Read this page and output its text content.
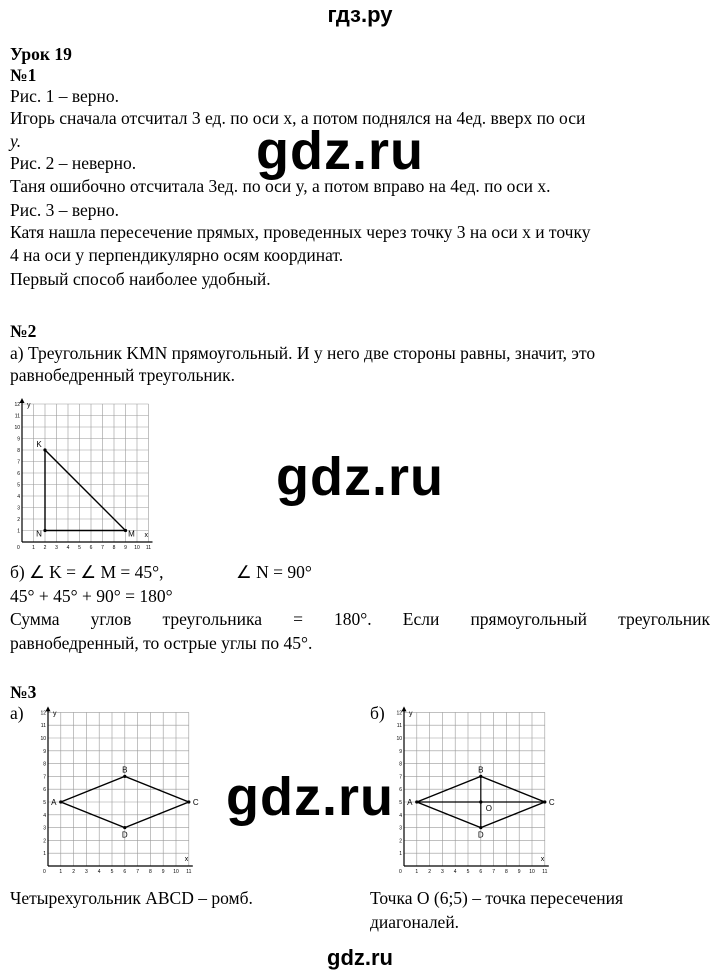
гдз.ру
Урок 19
№1
Рис. 1 – верно.
Игорь сначала отсчитал 3 ед. по оси x, а потом поднялся на 4ед. вверх по оси
y.
Рис. 2 – неверно.
Таня ошибочно отсчитала 3ед. по оси y, а потом вправо на 4ед. по оси x.
Рис. 3 – верно.
Катя нашла пересечение прямых, проведенных через точку 3 на оси x и точку
4 на оси y перпендикулярно осям координат.
Первый способ наиболее удобный.
№2
а) Треугольник KMN прямоугольный. И у него две стороны равны, значит, это
равнобедренный треугольник.
y
x
0 1 2 3 4 5 6 7 8 9 10 11
1
2
3
4
5
6
7
8
9
10
11
12
K
N	M
б) ∠ K = ∠ M = 45°,	∠ N = 90°
45° + 45° + 90° = 180°
Сумма углов треугольника = 180°. Если прямоугольный треугольник
равнобедренный, то острые углы по 45°.
№3
а)	б)
y
x
0	1 2 3 4 5 6 7 8 9 10 11
1
2
3
4
5
6
7
8
9
10
11
12
A
B
C
D
y
x
0	1 2 3 4 5 6 7 8 9 10 11
1
2
3
4
5
6
7
8
9
10
11
12
A
B
C
D
O
Четырехугольник ABCD – ромб.	Точка O (6;5) – точка пересечения
диагоналей.
gdz.ru
gdz.ru
gdz.ru
gdz.ru
